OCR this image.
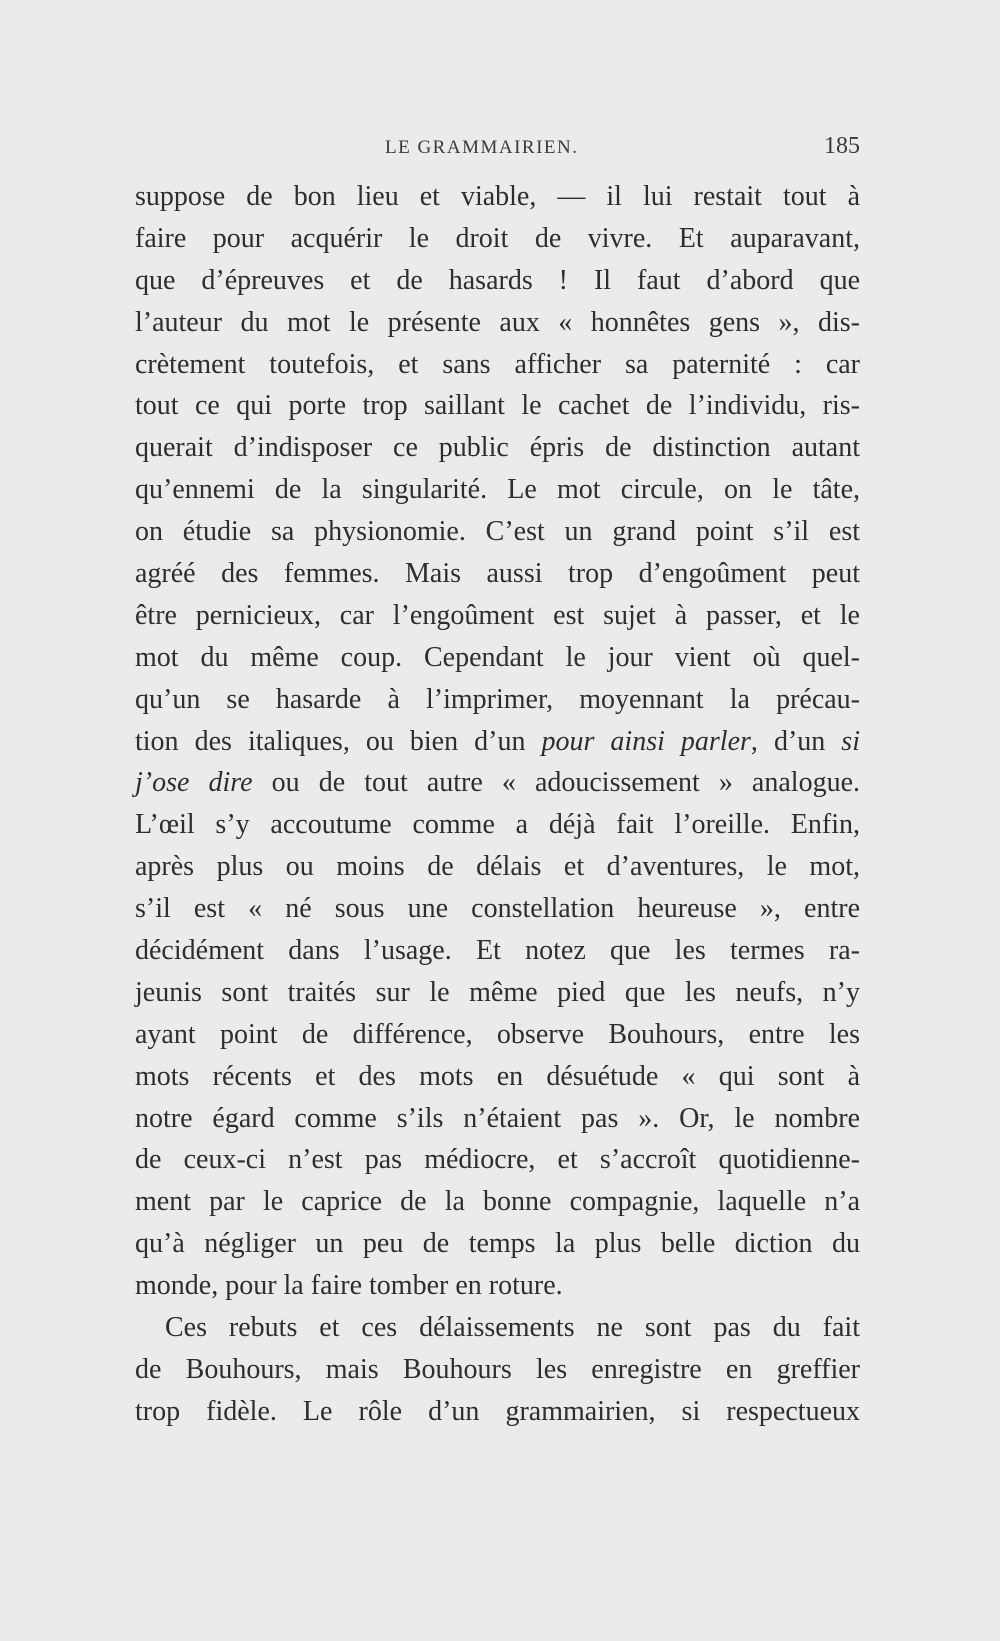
LE GRAMMAIRIEN.	185
suppose de bon lieu et viable, — il lui restait tout à
faire pour acquérir le droit de vivre. Et auparavant,
que d’épreuves et de hasards ! Il faut d’abord que
l’auteur du mot le présente aux « honnêtes gens », dis-
crètement toutefois, et sans afficher sa paternité : car
tout ce qui porte trop saillant le cachet de l’individu, ris-
querait d’indisposer ce public épris de distinction autant
qu’ennemi de la singularité. Le mot circule, on le tâte,
on étudie sa physionomie. C’est un grand point s’il est
agréé des femmes. Mais aussi trop d’engoûment peut
être pernicieux, car l’engoûment est sujet à passer, et le
mot du même coup. Cependant le jour vient où quel-
qu’un se hasarde à l’imprimer, moyennant la précau-
tion des italiques, ou bien d’un pour ainsi parler, d’un si
j’ose dire ou de tout autre « adoucissement » analogue.
L’œil s’y accoutume comme a déjà fait l’oreille. Enfin,
après plus ou moins de délais et d’aventures, le mot,
s’il est « né sous une constellation heureuse », entre
décidément dans l’usage. Et notez que les termes ra-
jeunis sont traités sur le même pied que les neufs, n’y
ayant point de différence, observe Bouhours, entre les
mots récents et des mots en désuétude « qui sont à
notre égard comme s’ils n’étaient pas ». Or, le nombre
de ceux-ci n’est pas médiocre, et s’accroît quotidienne-
ment par le caprice de la bonne compagnie, laquelle n’a
qu’à négliger un peu de temps la plus belle diction du
monde, pour la faire tomber en roture.
Ces rebuts et ces délaissements ne sont pas du fait
de Bouhours, mais Bouhours les enregistre en greffier
trop fidèle. Le rôle d’un grammairien, si respectueux
